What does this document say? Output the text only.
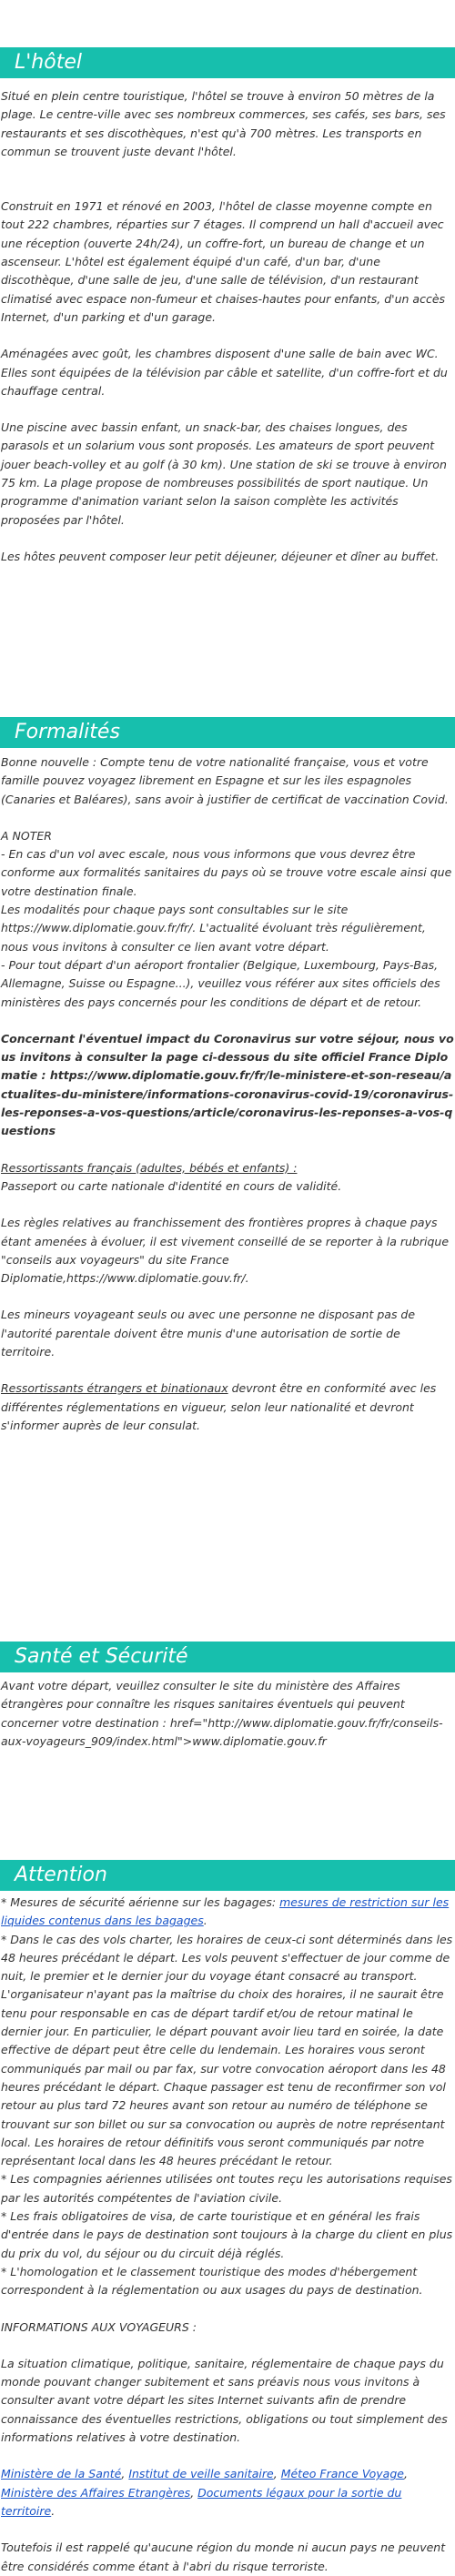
L'hôtel

Situé en plein centre touristique, l'hôtel se trouve à environ 50 mètres de la plage. Le centre-ville avec ses nombreux commerces, ses cafés, ses bars, ses restaurants et ses discothèques, n'est qu'à 700 mètres. Les transports en commun se trouvent juste devant l'hôtel.

Construit en 1971 et rénové en 2003, l'hôtel de classe moyenne compte en tout 222 chambres, réparties sur 7 étages. Il comprend un hall d'accueil avec une réception (ouverte 24h/24), un coffre-fort, un bureau de change et un ascenseur. L'hôtel est également équipé d'un café, d'un bar, d'une discothèque, d'une salle de jeu, d'une salle de télévision, d'un restaurant climatisé avec espace non-fumeur et chaises-hautes pour enfants, d'un accès Internet, d'un parking et d'un garage.

Aménagées avec goût, les chambres disposent d'une salle de bain avec WC. Elles sont équipées de la télévision par câble et satellite, d'un coffre-fort et du chauffage central.

Une piscine avec bassin enfant, un snack-bar, des chaises longues, des parasols et un solarium vous sont proposés. Les amateurs de sport peuvent jouer beach-volley et au golf (à 30 km). Une station de ski se trouve à environ 75 km. La plage propose de nombreuses possibilités de sport nautique. Un programme d'animation variant selon la saison complète les activités proposées par l'hôtel.

Les hôtes peuvent composer leur petit déjeuner, déjeuner et dîner au buffet.

Formalités

Bonne nouvelle : Compte tenu de votre nationalité française, vous et votre famille pouvez voyagez librement en Espagne et sur les iles espagnoles (Canaries et Baléares), sans avoir à justifier de certificat de vaccination Covid.

A NOTER

- En cas d'un vol avec escale, nous vous informons que vous devrez être conforme aux formalités sanitaires du pays où se trouve votre escale ainsi que votre destination finale.

Les modalités pour chaque pays sont consultables sur le site https://www.diplomatie.gouv.fr/fr/. L'actualité évoluant très régulièrement, nous vous invitons à consulter ce lien avant votre départ.

- Pour tout départ d'un aéroport frontalier (Belgique, Luxembourg, Pays-Bas, Allemagne, Suisse ou Espagne...), veuillez vous référer aux sites officiels des ministères des pays concernés pour les conditions de départ et de retour.

Concernant l'éventuel impact du Coronavirus sur votre séjour, nous vous invitons à consulter la page ci-dessous du site officiel France Diplomatie : https://www.diplomatie.gouv.fr/fr/le-ministere-et-son-reseau/actualites-du-ministere/informations-coronavirus-covid-19/coronavirus-les-reponses-a-vos-questions/article/coronavirus-les-reponses-a-vos-questions

Ressortissants français (adultes, bébés et enfants) :

Passeport ou carte nationale d'identité en cours de validité.

Les règles relatives au franchissement des frontières propres à chaque pays étant amenées à évoluer, il est vivement conseillé de se reporter à la rubrique "conseils aux voyageurs" du site France Diplomatie,https://www.diplomatie.gouv.fr/.

Les mineurs voyageant seuls ou avec une personne ne disposant pas de l'autorité parentale doivent être munis d'une autorisation de sortie de territoire.

Ressortissants étrangers et binationaux devront être en conformité avec les différentes réglementations en vigueur, selon leur nationalité et devront s'informer auprès de leur consulat.

Santé et Sécurité

Avant votre départ, veuillez consulter le site du ministère des Affaires étrangères pour connaître les risques sanitaires éventuels qui peuvent concerner votre destination : href="http://www.diplomatie.gouv.fr/fr/conseils-aux-voyageurs_909/index.html">www.diplomatie.gouv.fr

Attention

* Mesures de sécurité aérienne sur les bagages: mesures de restriction sur les liquides contenus dans les bagages.

* Dans le cas des vols charter, les horaires de ceux-ci sont déterminés dans les 48 heures précédant le départ. Les vols peuvent s'effectuer de jour comme de nuit, le premier et le dernier jour du voyage étant consacré au transport. L'organisateur n'ayant pas la maîtrise du choix des horaires, il ne saurait être tenu pour responsable en cas de départ tardif et/ou de retour matinal le dernier jour. En particulier, le départ pouvant avoir lieu tard en soirée, la date effective de départ peut être celle du lendemain. Les horaires vous seront communiqués par mail ou par fax, sur votre convocation aéroport dans les 48 heures précédant le départ. Chaque passager est tenu de reconfirmer son vol retour au plus tard 72 heures avant son retour au numéro de téléphone se trouvant sur son billet ou sur sa convocation ou auprès de notre représentant local. Les horaires de retour définitifs vous seront communiqués par notre représentant local dans les 48 heures précédant le retour.

* Les compagnies aériennes utilisées ont toutes reçu les autorisations requises par les autorités compétentes de l'aviation civile.

* Les frais obligatoires de visa, de carte touristique et en général les frais d'entrée dans le pays de destination sont toujours à la charge du client en plus du prix du vol, du séjour ou du circuit déjà réglés.

* L'homologation et le classement touristique des modes d'hébergement correspondent à la réglementation ou aux usages du pays de destination.

INFORMATIONS AUX VOYAGEURS :

La situation climatique, politique, sanitaire, réglementaire de chaque pays du monde pouvant changer subitement et sans préavis nous vous invitons à consulter avant votre départ les sites Internet suivants afin de prendre connaissance des éventuelles restrictions, obligations ou tout simplement des informations relatives à votre destination.

Ministère de la Santé, Institut de veille sanitaire, Méteo France Voyage, Ministère des Affaires Etrangères, Documents légaux pour la sortie du territoire.

Toutefois il est rappelé qu'aucune région du monde ni aucun pays ne peuvent être considérés comme étant à l'abri du risque terroriste.
